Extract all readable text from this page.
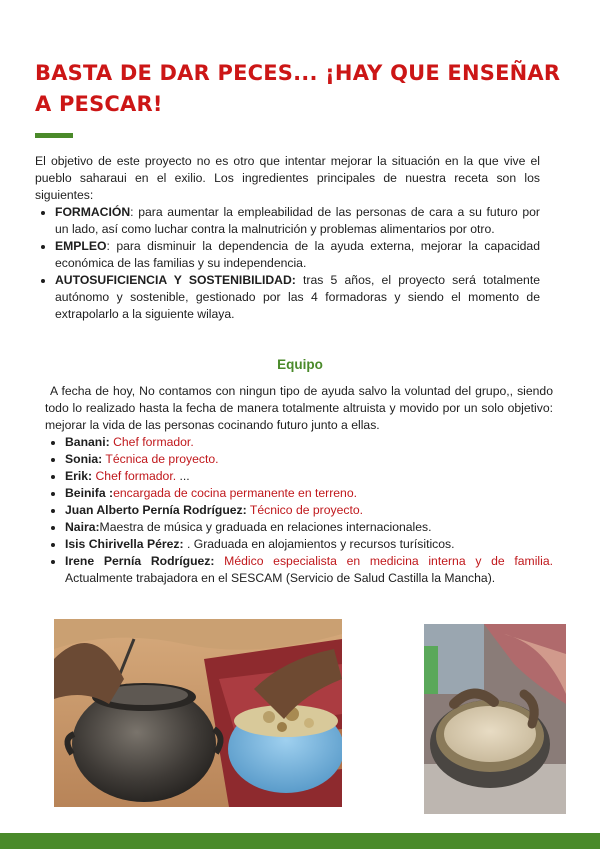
BASTA DE DAR PECES... ¡HAY QUE ENSEÑAR A PESCAR!

El objetivo de este proyecto no es otro que intentar mejorar la situación en la que vive el pueblo saharaui en el exilio. Los ingredientes principales de nuestra receta son los siguientes:

• FORMACIÓN: para aumentar la empleabilidad de las personas de cara a su futuro por un lado, así como luchar contra la malnutrición y problemas alimentarios por otro.
• EMPLEO: para disminuir la dependencia de la ayuda externa, mejorar la capacidad económica de las familias y su independencia.
• AUTOSUFICIENCIA Y SOSTENIBILIDAD: tras 5 años, el proyecto será totalmente autónomo y sostenible, gestionado por las 4 formadoras y siendo el momento de extrapolarlo a la siguiente wilaya.
Equipo

A fecha de hoy, No contamos con ningun tipo de ayuda salvo la voluntad del grupo,, siendo todo lo realizado hasta la fecha de manera totalmente altruista y movido por un solo objetivo: mejorar la vida de las personas cocinando futuro junto a ellas.

• Banani: Chef formador.
• Sonia: Técnica de proyecto.
• Erik: Chef formador. ...
• Beinifa :encargada de cocina permanente en terreno.
• Juan Alberto Pernía Rodríguez: Técnico de proyecto.
• Naira:Maestra de música y graduada en relaciones internacionales.
• Isis Chirivella Pérez: . Graduada en alojamientos y recursos turísiticos.
• Irene Pernía Rodríguez: Médico especialista en medicina interna y de familia. Actualmente trabajadora en el SESCAM (Servicio de Salud Castilla la Mancha).
